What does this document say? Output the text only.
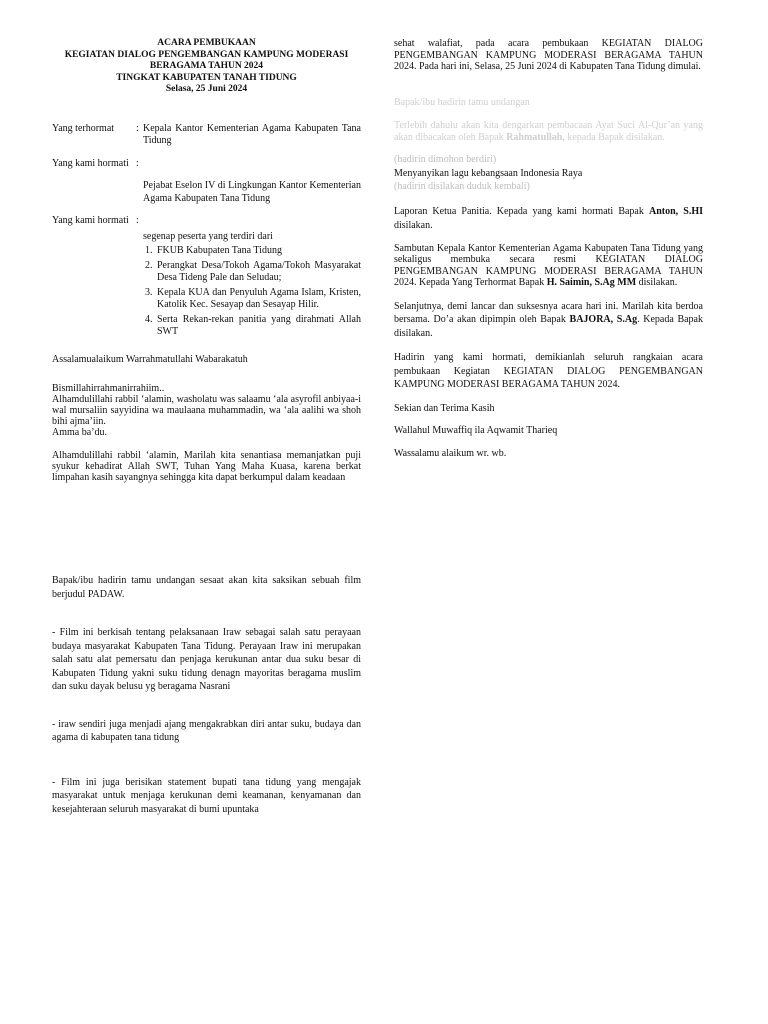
ACARA PEMBUKAAN
KEGIATAN DIALOG PENGEMBANGAN KAMPUNG MODERASI
BERAGAMA TAHUN 2024
TINGKAT KABUPATEN TANAH TIDUNG
Selasa, 25 Juni 2024
Yang terhormat	: Kepala Kantor Kementerian Agama Kabupaten Tana Tidung
Yang kami hormati :
Pejabat Eselon IV di Lingkungan Kantor Kementerian Agama Kabupaten Tana Tidung
Yang kami hormati :
segenap peserta yang terdiri dari
1. FKUB Kabupaten Tana Tidung
2. Perangkat Desa/Tokoh Agama/Tokoh Masyarakat Desa Tideng Pale dan Seludau;
3. Kepala KUA dan Penyuluh Agama Islam, Kristen, Katolik Kec. Sesayap dan Sesayap Hilir.
4. Serta Rekan-rekan panitia yang dirahmati Allah SWT

Assalamualaikum Warrahmatullahi Wabarakatuh

Bismillahirrahmanirrahiim..

Alhamdulillahi rabbil ‘alamin, washolatu was salaamu ‘ala asyrofil anbiyaa-i wal mursaliin sayyidina wa maulaana muhammadin, wa ‘ala aalihi wa shoh bihi ajma’iin.

Amma ba’du.

Alhamdulillahi rabbil ‘alamin, Marilah kita senantiasa memanjatkan puji syukur kehadirat Allah SWT, Tuhan Yang Maha Kuasa, karena berkat limpahan kasih sayangnya sehingga kita dapat berkumpul dalam keadaan

Bapak/ibu hadirin tamu undangan sesaat akan kita saksikan sebuah film berjudul PADAW.

- Film ini berkisah tentang pelaksanaan Iraw sebagai salah satu perayaan budaya masyarakat Kabupaten Tana Tidung. Perayaan Iraw ini merupakan salah satu alat pemersatu dan penjaga kerukunan antar dua suku besar di Kabupaten Tidung yakni suku tidung denagn mayoritas beragama muslim dan suku dayak belusu yg beragama Nasrani

- iraw sendiri juga menjadi ajang mengakrabkan diri antar suku, budaya dan agama di kabupaten tana tidung

- Film ini juga berisikan statement bupati tana tidung yang mengajak masyarakat untuk menjaga kerukunan demi keamanan, kenyamanan dan kesejahteraan seluruh masyarakat di bumi upuntaka

sehat walafiat, pada acara pembukaan KEGIATAN DIALOG PENGEMBANGAN KAMPUNG MODERASI BERAGAMA TAHUN 2024. Pada hari ini, Selasa, 25 Juni 2024 di Kabupaten Tana Tidung dimulai.

Bapak/ibu hadirin tamu undangan

Terlebih dahulu akan kita dengarkan pembacaan Ayat Suci Al-Qur’an yang akan dibacakan oleh Bapak Rahmatullah, kepada Bapak disilakan.

(hadirin dimohon berdiri)

Menyanyikan lagu kebangsaan Indonesia Raya

(hadirin disilakan duduk kembali)

Laporan Ketua Panitia. Kepada yang kami hormati Bapak Anton, S.HI disilakan.

Sambutan Kepala Kantor Kementerian Agama Kabupaten Tana Tidung yang sekaligus membuka secara resmi KEGIATAN DIALOG PENGEMBANGAN KAMPUNG MODERASI BERAGAMA TAHUN 2024. Kepada Yang Terhormat Bapak H. Saimin, S.Ag MM disilakan.

Selanjutnya, demi lancar dan suksesnya acara hari ini. Marilah kita berdoa bersama. Do’a akan dipimpin oleh Bapak BAJORA, S.Ag. Kepada Bapak disilakan.

Hadirin yang kami hormati, demikianlah seluruh rangkaian acara pembukaan Kegiatan KEGIATAN DIALOG PENGEMBANGAN KAMPUNG MODERASI BERAGAMA TAHUN 2024.

Sekian dan Terima Kasih

Wallahul Muwaffiq ila Aqwamit Tharieq

Wassalamu alaikum wr. wb.
